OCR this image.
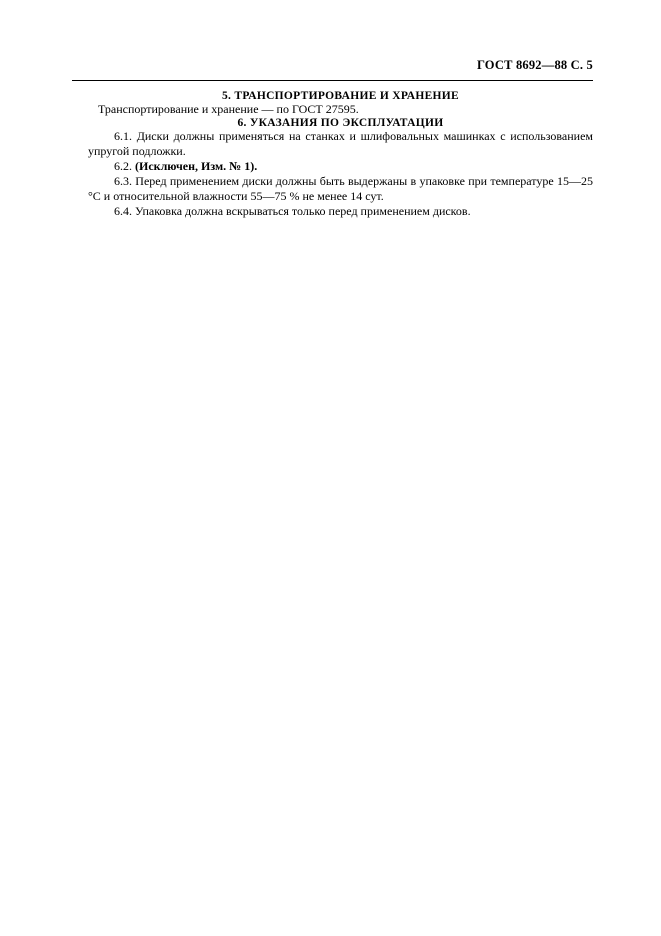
ГОСТ 8692—88 С. 5
5. ТРАНСПОРТИРОВАНИЕ И ХРАНЕНИЕ

Транспортирование и хранение — по ГОСТ 27595.

6. УКАЗАНИЯ ПО ЭКСПЛУАТАЦИИ

6.1. Диски должны применяться на станках и шлифовальных машинках с использованием упругой подложки.

6.2. (Исключен, Изм. № 1).

6.3. Перед применением диски должны быть выдержаны в упаковке при температуре 15—25 °С и относительной влажности 55—75 % не менее 14 сут.

6.4. Упаковка должна вскрываться только перед применением дисков.
